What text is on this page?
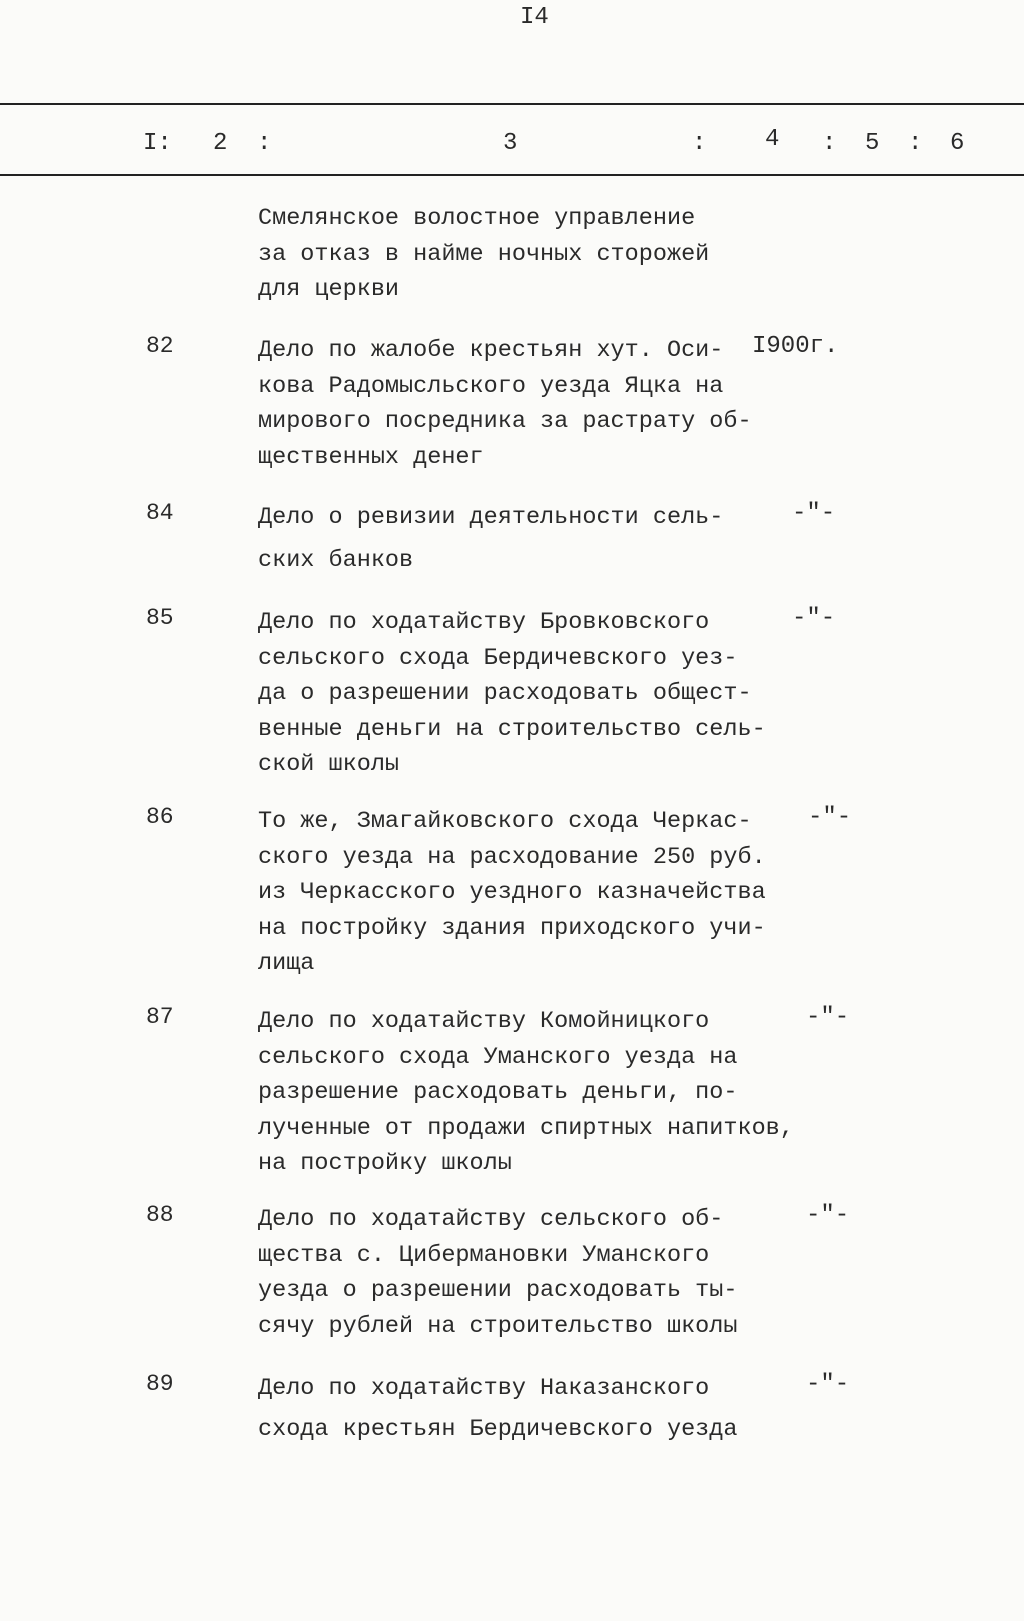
I4
I: 2 :	3	: 4 : 5 : 6
Смелянское волостное управление
за отказ в найме ночных сторожей
для церкви
82	Дело по жалобе крестьян хут. Оси-
кова Радомысльского уезда Яцка на
мирового посредника за растрату об-
щественных денег
I900г.
84	Дело о ревизии деятельности сель-
ских банков
-"-
85	Дело по ходатайству Бровковского
сельского схода Бердичевского уез-
да о разрешении расходовать общест-
венные деньги на строительство сель-
ской школы
-"-
86	То же, Змагайковского схода Черкас-
ского уезда на расходование 250 руб.
из Черкасского уездного казначейства
на постройку здания приходского учи-
лища
-"-
87	Дело по ходатайству Комойницкого
сельского схода Уманского уезда на
разрешение расходовать деньги, по-
лученные от продажи спиртных напитков,
на постройку школы
-"-
88	Дело по ходатайству сельского об-
щества с. Цибермановки Уманского
уезда о разрешении расходовать ты-
сячу рублей на строительство школы
-"-
89	Дело по ходатайству Наказанского
схода крестьян Бердичевского уезда
-"-
